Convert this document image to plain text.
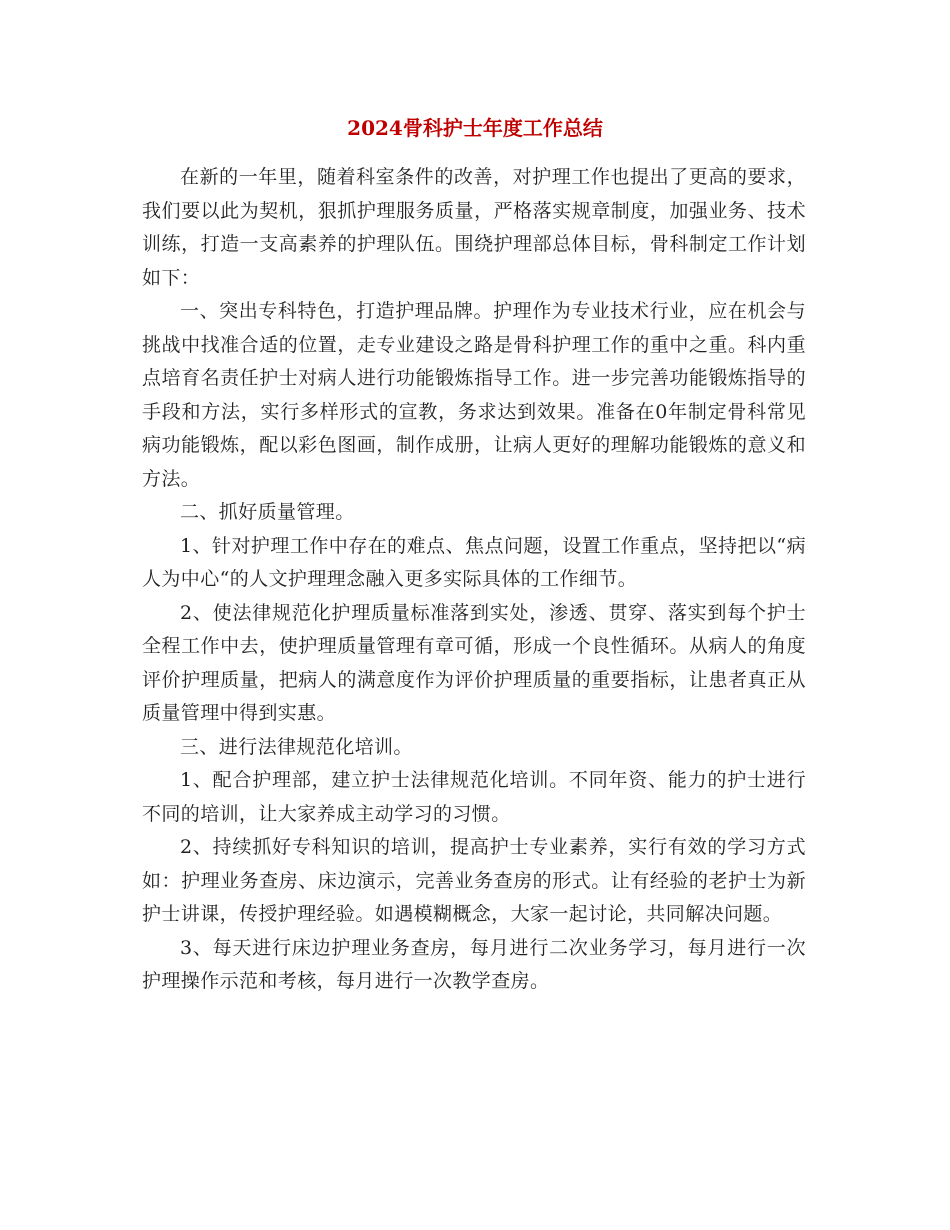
2024骨科护士年度工作总结

在新的一年里，随着科室条件的改善，对护理工作也提出了更高的要求，我们要以此为契机，狠抓护理服务质量，严格落实规章制度，加强业务、技术训练，打造一支高素养的护理队伍。围绕护理部总体目标，骨科制定工作计划如下：

一、突出专科特色，打造护理品牌。护理作为专业技术行业，应在机会与挑战中找准合适的位置，走专业建设之路是骨科护理工作的重中之重。科内重点培育名责任护士对病人进行功能锻炼指导工作。进一步完善功能锻炼指导的手段和方法，实行多样形式的宣教，务求达到效果。准备在0年制定骨科常见病功能锻炼，配以彩色图画，制作成册，让病人更好的理解功能锻炼的意义和方法。

二、抓好质量管理。

1、针对护理工作中存在的难点、焦点问题，设置工作重点，坚持把以“病人为中心“的人文护理理念融入更多实际具体的工作细节。

2、使法律规范化护理质量标准落到实处，渗透、贯穿、落实到每个护士全程工作中去，使护理质量管理有章可循，形成一个良性循环。从病人的角度评价护理质量，把病人的满意度作为评价护理质量的重要指标，让患者真正从质量管理中得到实惠。

三、进行法律规范化培训。

1、配合护理部，建立护士法律规范化培训。不同年资、能力的护士进行不同的培训，让大家养成主动学习的习惯。

2、持续抓好专科知识的培训，提高护士专业素养，实行有效的学习方式如：护理业务查房、床边演示，完善业务查房的形式。让有经验的老护士为新护士讲课，传授护理经验。如遇模糊概念，大家一起讨论，共同解决问题。

3、每天进行床边护理业务查房，每月进行二次业务学习，每月进行一次护理操作示范和考核，每月进行一次教学查房。
